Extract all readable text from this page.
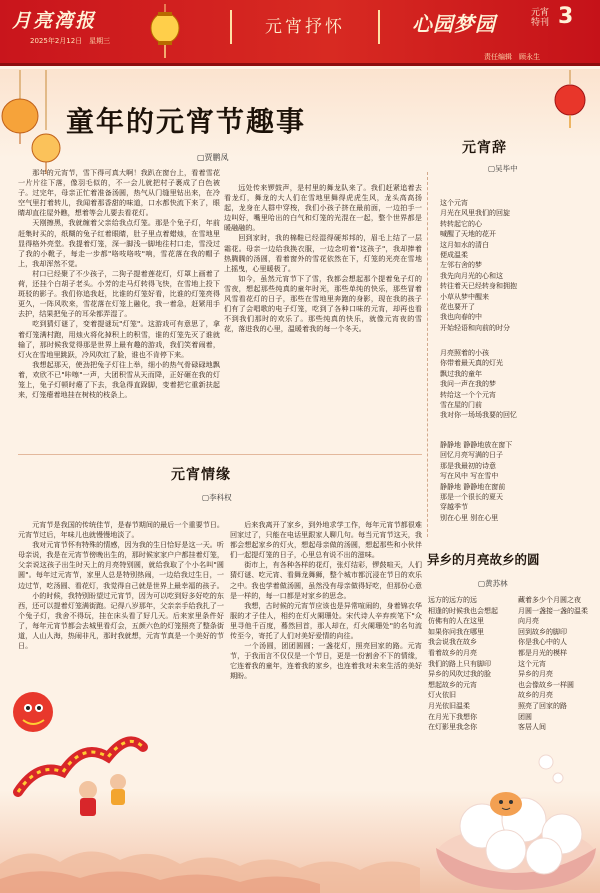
月亮湾报
2025年2月12日　星期三
元宵抒怀	心园梦园	元宵特刊 3
责任编辑　顾永生
童年的元宵节趣事
▢贾鹏凤

那年的元宵节，雪下得可真大啊！我趴在窗台上，看着雪花一片片往下落，像羽毛似的，不一会儿就把村子裹成了白色被子。过完年，母亲正忙着准备汤圆，热气从门缝里钻出来，在冷空气里打着转儿，我闻着那香甜的味道，口水都快流下来了，眼睛却直往屋外瞧，想着等会儿要去看花灯。

天刚擦黑，我就缠着父亲给我点灯笼。那是个兔子灯，年前赶集时买的，纸糊的兔子红着眼睛，肚子里点着蜡烛，在雪地里显得格外亮堂。我提着灯笼，深一脚浅一脚地往村口走，雪没过了我的小靴子，每走一步都"咯吱咯吱"响，雪花落在我的帽子上，我却浑然不觉。

村口已经聚了不少孩子，二狗子提着莲花灯，灯罩上画着了荷，还挂个白胡子老头。小芳的走马灯转得飞快，在雪地上投下斑驳的影子。我们你追我赶，比谁的灯笼好看，比谁的灯笼亮得更久，一阵风吹来，雪花落在灯笼上融化，我一着急，赶紧用手去护，结果把兔子的耳朵都弄湿了。

吃到猜灯谜了，变着提谜玩"灯笼"。这游戏可有意思了，拿着灯笼满村跑，用烛火将化掉积上的积雪，谁的灯笼先灭了谁就输了，那时候我觉得那是世界上最有趣的游戏，我们笑着闹着，灯火在雪地里跳跃，冷风吹红了脸，谁也不肯停下来。

我想起那天，使劲把兔子灯往上举，细小的热气骨碌碌地飘着，欢欣不已"咔嚓"一声，大团积雪从天而降，正好砸在我的灯笼上，兔子灯顿时瘪了下去，我急得直跺脚，变着把它重新扶起来，灯笼瘪着地挂在树枝的枝条上。

远处传来锣鼓声，是村里的舞龙队来了。我们赶紧追着去看龙灯，舞龙的大人们在雪地里舞得虎虎生风，龙头高高扬起，龙身在人群中穿梭，我们小孩子挤在最前面，一边拍手一边叫好，嘴里哈出的白气和灯笼的光混在一起，整个世界都是暖融融的。

回到家时，我的棉鞋已经湿得硬邦邦的，眉毛上结了一层霜花。母亲一边给我换衣服，一边念叨着"这孩子"，我却捧着热腾腾的汤圆，看着窗外的雪花依然在下，灯笼的光亮在雪地上摇曳，心里暖极了。

如今，虽然元宵节下了雪，我都会想起那个提着兔子灯的雪夜，想起那些纯真的童年时光，那些单纯的快乐，那些冒着风雪看花灯的日子，那些在雪地里奔跑的身影，现在我的孩子们有了会唱歌的电子灯笼，吃到了各种口味的元宵，却再也看不到我们那时的欢乐了。那些纯真的快乐，就像元宵夜的雪花，落进我的心里，温暖着我的每一个冬天。

元宵辞
▢吴毕中
这个元宵
月光在风里我们的回旋
转转起它的心
喊醒了天地的花开
这月如水的清白
便成温柔
左邻右舍的梦
我先向月光的心和这
转往着天已经转身和拥抱
小草从梦中醒来
花也要开了
我也向春的中
开始轻语和向前的时分
月亮照着的小孩
你带着最天真的灯光
飘过我的童年
我问一声在我的梦
转给这一个个元宵
雪在屋的门前
我对你一场场我要的回忆
静静地 静静地放在窗下
回忆月亮写满的日子
那是我最初的诗意
写在风中 写在雪中
静静地 静静地在窗前
那是一个很长的夏天
穿越季节
别在心里 别在心里
元宵情缘
▢李科权

元宵节是我国的传统佳节，是春节期间的最后一个重要节日。元宵节过后，年味儿也就慢慢地淡了。

我对元宵节怀有特殊的情感，因为我的生日恰好是这一天。听母亲说，我是在元宵节傍晚出生的，那时候家家户户都挂着灯笼，父亲说这孩子出生时天上的月亮特别圆，就给我取了个小名叫"圆圆"。每年过元宵节，家里人总是特别热闹，一边给我过生日，一边过节，吃汤圆、看花灯，我觉得自己就是世界上最幸福的孩子。

小的时候，我特别盼望过元宵节，因为可以吃到好多好吃的东西，还可以提着灯笼满街跑。记得八岁那年，父亲亲手给我扎了一个兔子灯，我舍不得玩，挂在床头看了好几天。后来家里条件好了，每年元宵节都会去城里看灯会，五颜六色的灯笼照亮了整条街道，人山人海，热闹非凡，那时我就想，元宵节真是一个美好的节日。

后来我离开了家乡，到外地求学工作，每年元宵节都很难回家过了，只能在电话里跟家人聊几句。每当元宵节这天，我都会想起家乡的灯火，想起母亲做的汤圆，想起那些和小伙伴们一起提灯笼的日子，心里总有说不出的滋味。

街市上，有各种各样的花灯，张灯结彩，锣鼓喧天，人们猜灯谜、吃元宵、看舞龙舞狮，整个城市都沉浸在节日的欢乐之中。我也学着做汤圆，虽然没有母亲做得好吃，但那份心意是一样的，每一口都是对家乡的思念。

我想，古时候的元宵节应该也是异常喧闹的，身着锦衣华服的才子佳人，相约在灯火阑珊处。宋代诗人辛弃疾笔下"众里寻他千百度，蓦然回首，那人却在，灯火阑珊处"的名句流传至今，寄托了人们对美好爱情的向往。

一个汤圆，团团圆圆；一盏花灯，照亮回家的路。元宵节，于我而言不仅仅是一个节日，更是一份割舍不下的情缘，它连着我的童年，连着我的家乡，也连着我对未来生活的美好期盼。

异乡的月亮故乡的圆
▢黄苏林
远方的远方的远
相逢的时候我也会想起
仿佛有的人在这里
如果你问我在哪里
我会说我在故乡
看着故乡的月亮
我们的路上只有脚印
异乡的风吹过我的脸
想起故乡的元宵
灯火依旧
月光依旧温柔
在月光下我想你
在灯影里我念你
藏着多少个月圆之夜
月圆一盏接一盏的温柔
向月亮
回到故乡的脚印
你是我心中的人
都是月光的模样
这个元宵
异乡的月亮
也会像故乡一样圆
故乡的月亮
照亮了回家的路
团圆
客居人间
